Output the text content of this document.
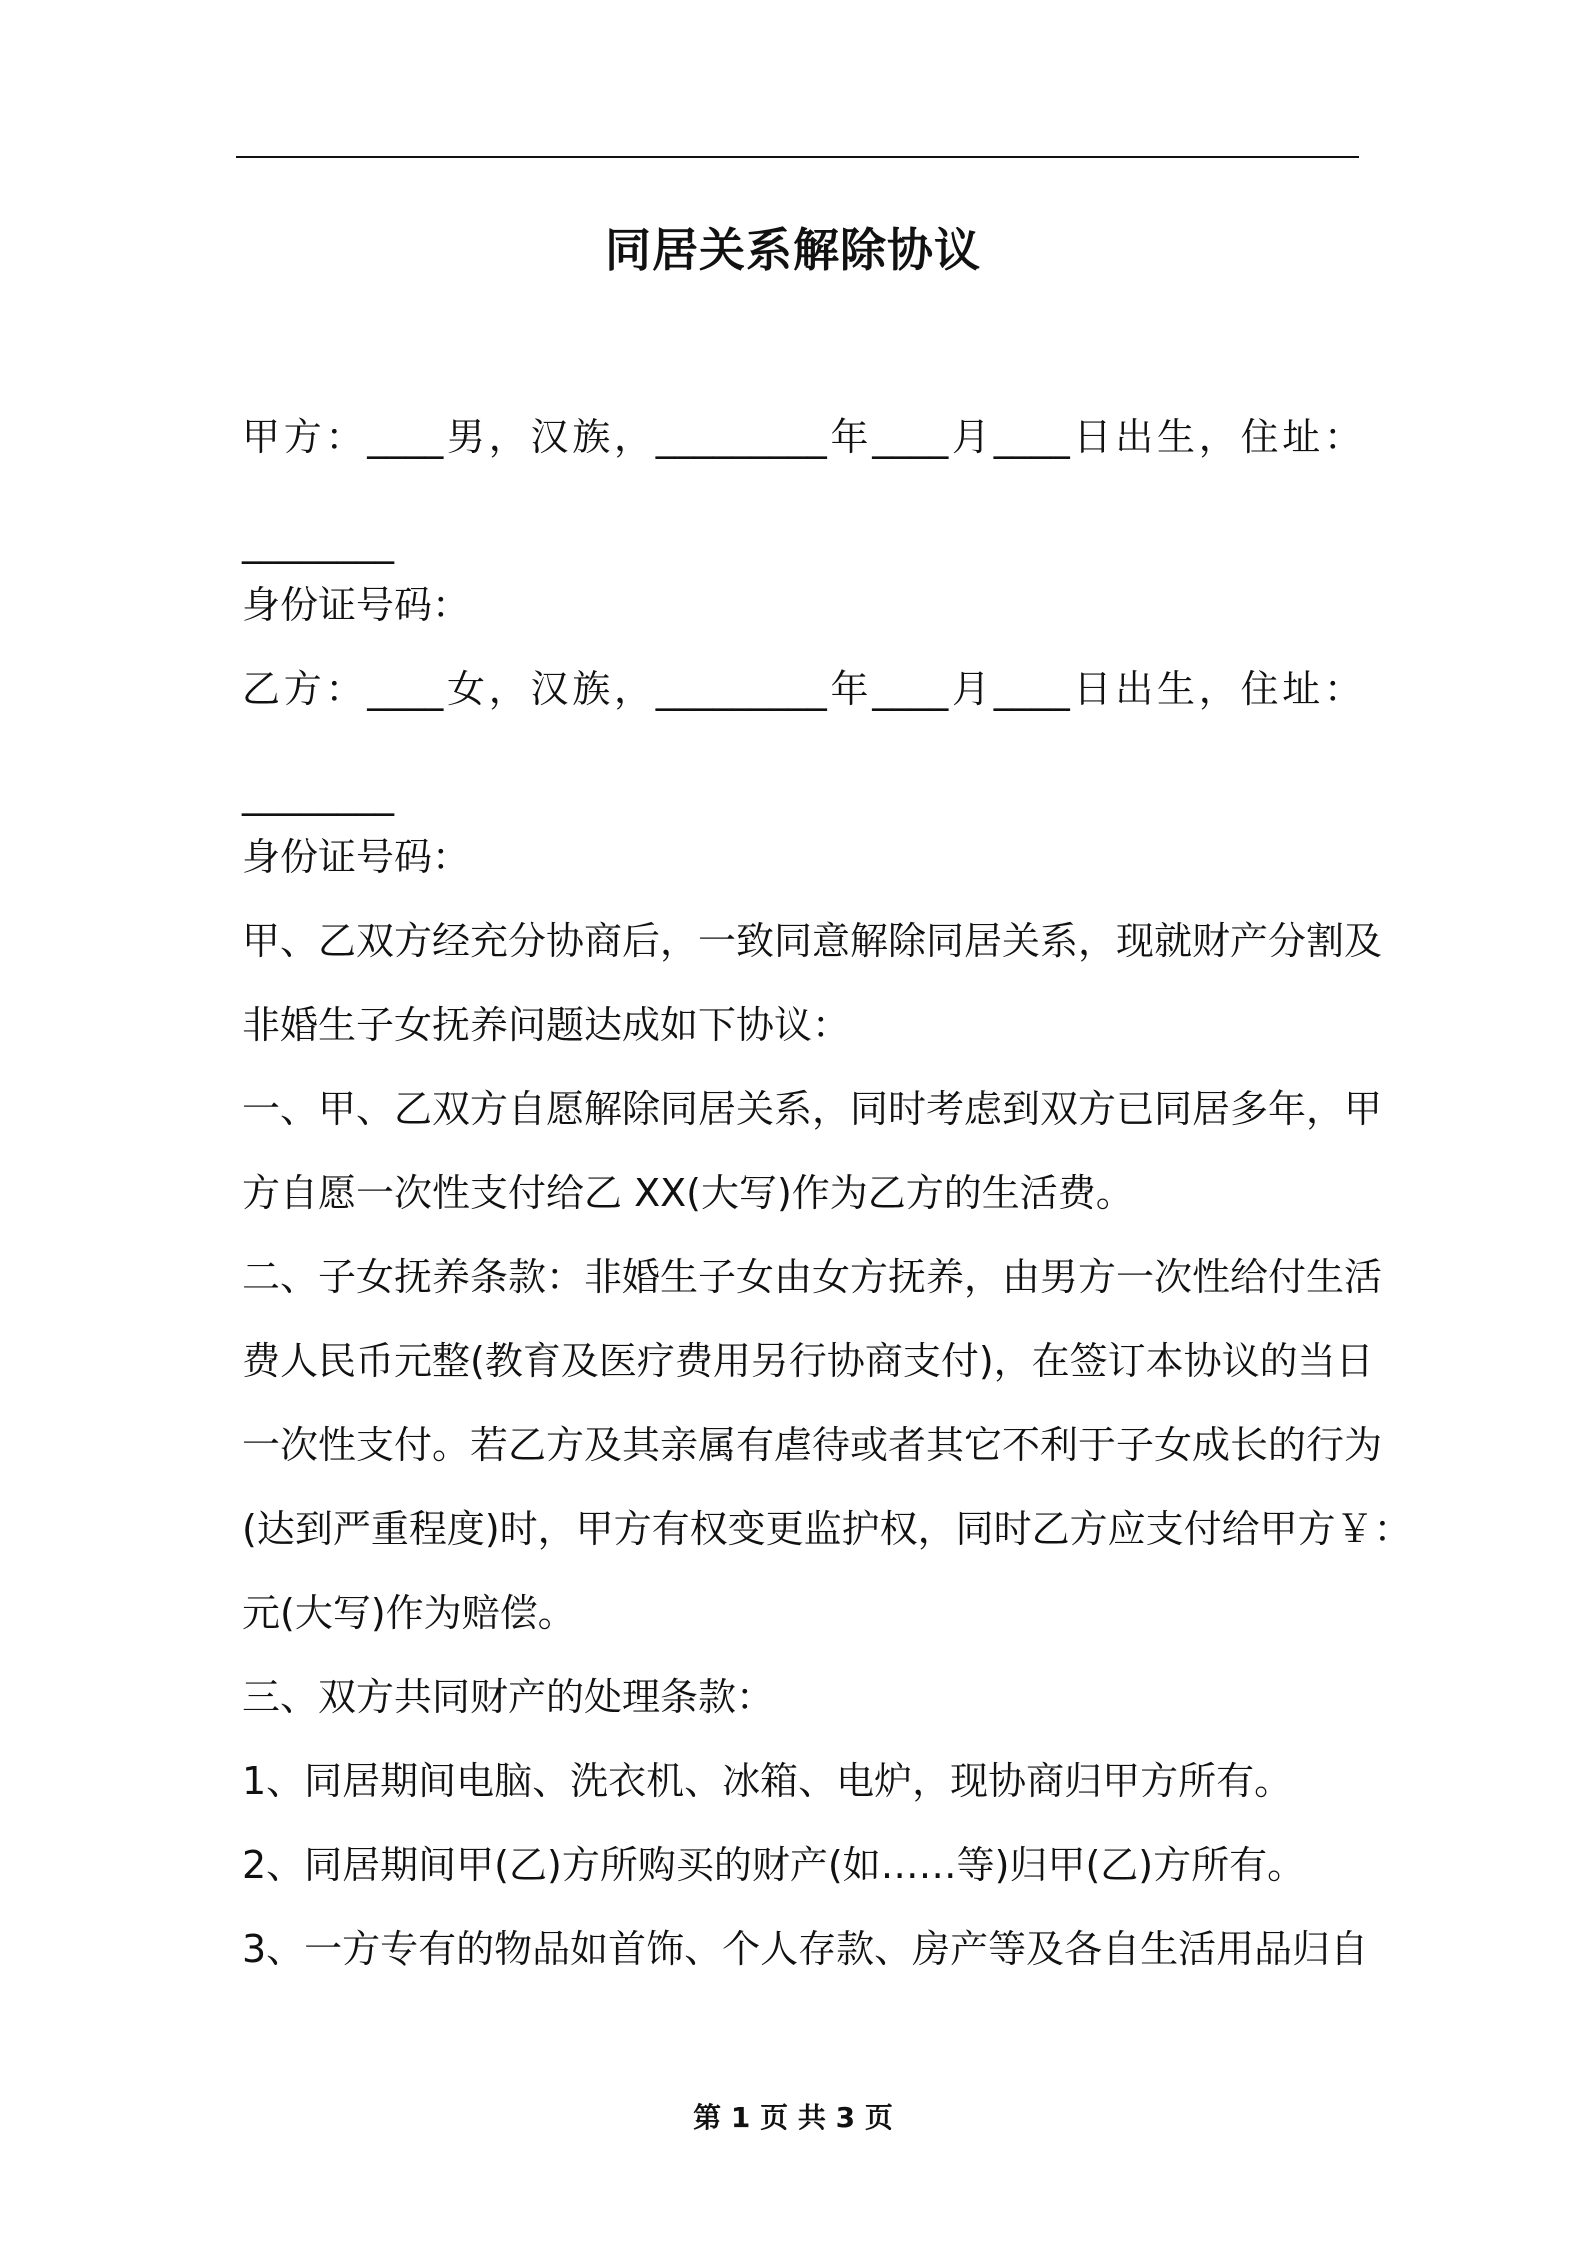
同居关系解除协议
甲方：____男，汉族，_________年____月____日出生，住址：
________
身份证号码：
乙方：____女，汉族，_________年____月____日出生，住址：
________
身份证号码：
甲、乙双方经充分协商后，一致同意解除同居关系，现就财产分割及
非婚生子女抚养问题达成如下协议：
一、甲、乙双方自愿解除同居关系，同时考虑到双方已同居多年，甲
方自愿一次性支付给乙 XX(大写)作为乙方的生活费。
二、子女抚养条款：非婚生子女由女方抚养，由男方一次性给付生活
费人民币元整(教育及医疗费用另行协商支付)，在签订本协议的当日
一次性支付。若乙方及其亲属有虐待或者其它不利于子女成长的行为
(达到严重程度)时，甲方有权变更监护权，同时乙方应支付给甲方￥：
元(大写)作为赔偿。
三、双方共同财产的处理条款：
1、同居期间电脑、洗衣机、冰箱、电炉，现协商归甲方所有。
2、同居期间甲(乙)方所购买的财产(如……等)归甲(乙)方所有。
3、一方专有的物品如首饰、个人存款、房产等及各自生活用品归自
第 1 页 共 3 页
